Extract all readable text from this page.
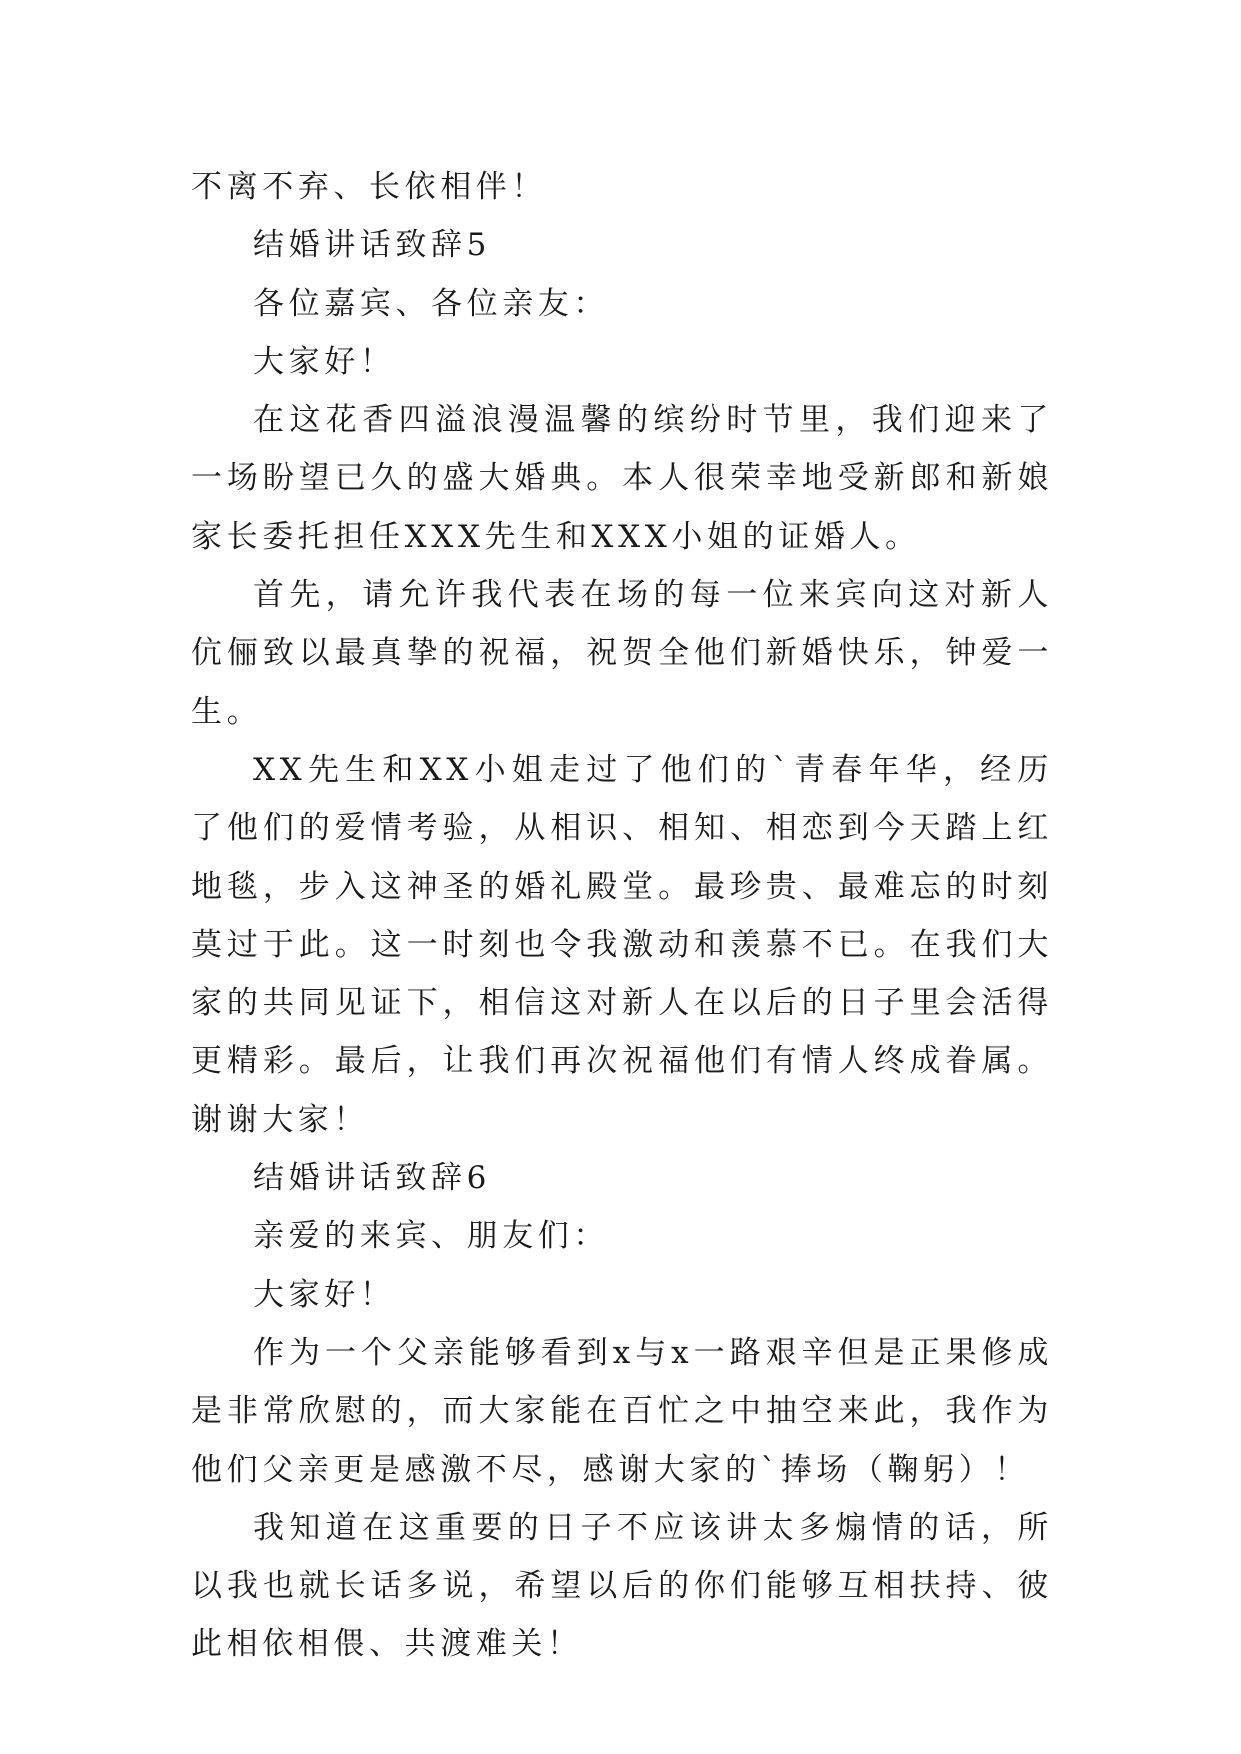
不离不弃、长依相伴！

结婚讲话致辞5

各位嘉宾、各位亲友：

大家好！

在这花香四溢浪漫温馨的缤纷时节里，我们迎来了一场盼望已久的盛大婚典。本人很荣幸地受新郎和新娘家长委托担任XXX先生和XXX小姐的证婚人。

首先，请允许我代表在场的每一位来宾向这对新人伉俪致以最真挚的祝福，祝贺全他们新婚快乐，钟爱一生。

XX先生和XX小姐走过了他们的`青春年华，经历了他们的爱情考验，从相识、相知、相恋到今天踏上红地毯，步入这神圣的婚礼殿堂。最珍贵、最难忘的时刻莫过于此。这一时刻也令我激动和羡慕不已。在我们大家的共同见证下，相信这对新人在以后的日子里会活得更精彩。最后，让我们再次祝福他们有情人终成眷属。谢谢大家！

结婚讲话致辞6

亲爱的来宾、朋友们：

大家好！

作为一个父亲能够看到x与x一路艰辛但是正果修成是非常欣慰的，而大家能在百忙之中抽空来此，我作为他们父亲更是感激不尽，感谢大家的`捧场（鞠躬）！

我知道在这重要的日子不应该讲太多煽情的话，所以我也就长话多说，希望以后的你们能够互相扶持、彼此相依相偎、共渡难关！
